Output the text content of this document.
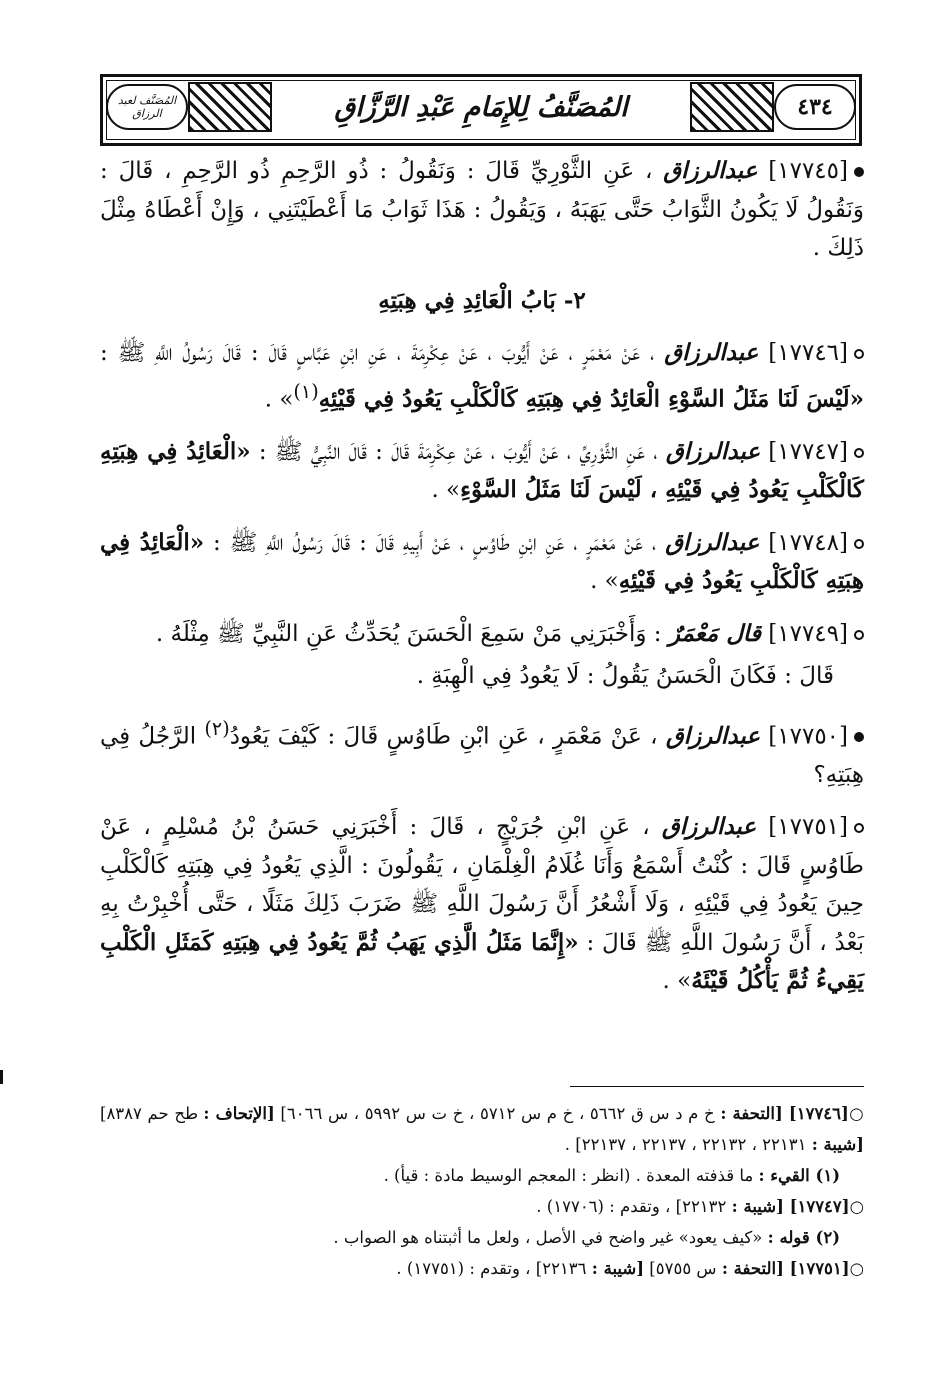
المُصَنَّف لعبد الرزاق	٤٣٤
المُصَنَّفُ لِلإِمَامِ عَبْدِ الرَّزَّاقِ

[١٧٧٤٥] عبدالرزاق ، عَنِ الثَّوْرِيِّ قَالَ : وَنَقُولُ : ذُو الرَّحِمِ ذُو الرَّحِمِ ، قَالَ : وَنَقُولُ لَا يَكُونُ الثَّوَابُ حَتَّى يَهَبَهُ ، وَيَقُولُ : هَذَا ثَوَابُ مَا أَعْطَيْتَنِي ، وَإِنْ أَعْطَاهُ مِثْلَ ذَلِكَ .

٢- بَابُ الْعَائِدِ فِي هِبَتِهِ

[١٧٧٤٦] عبدالرزاق ، عَنْ مَعْمَرٍ ، عَنْ أَيُّوبَ ، عَنْ عِكْرِمَةَ ، عَنِ ابْنِ عَبَّاسٍ قَالَ : قَالَ رَسُولُ اللَّهِ ﷺ : «لَيْسَ لَنَا مَثَلُ السَّوْءِ الْعَائِدُ فِي هِبَتِهِ كَالْكَلْبِ يَعُودُ فِي قَيْئِهِ$^{(١)}$» .

[١٧٧٤٧] عبدالرزاق ، عَنِ الثَّوْرِيِّ ، عَنْ أَيُّوبَ ، عَنْ عِكْرِمَةَ قَالَ : قَالَ النَّبِيُّ ﷺ : «الْعَائِدُ فِي هِبَتِهِ كَالْكَلْبِ يَعُودُ فِي قَيْئِهِ ، لَيْسَ لَنَا مَثَلُ السَّوْءِ» .

[١٧٧٤٨] عبدالرزاق ، عَنْ مَعْمَرٍ ، عَنِ ابْنِ طَاوُسٍ ، عَنْ أَبِيهِ قَالَ : قَالَ رَسُولُ اللَّهِ ﷺ : «الْعَائِدُ فِي هِبَتِهِ كَالْكَلْبِ يَعُودُ فِي قَيْئِهِ» .

[١٧٧٤٩] قال مَعْمَرٌ : وَأَخْبَرَنِي مَنْ سَمِعَ الْحَسَنَ يُحَدِّثُ عَنِ النَّبِيِّ ﷺ مِثْلَهُ .

قَالَ : فَكَانَ الْحَسَنُ يَقُولُ : لَا يَعُودُ فِي الْهِبَةِ .

[١٧٧٥٠] عبدالرزاق ، عَنْ مَعْمَرٍ ، عَنِ ابْنِ طَاوُسٍ قَالَ : كَيْفَ يَعُودُ$^{(٢)}$ الرَّجُلُ فِي هِبَتِهِ؟

[١٧٧٥١] عبدالرزاق ، عَنِ ابْنِ جُرَيْجٍ ، قَالَ : أَخْبَرَنِي حَسَنُ بْنُ مُسْلِمٍ ، عَنْ طَاوُسٍ قَالَ : كُنْتُ أَسْمَعُ وَأَنَا غُلَامُ الْغِلْمَانِ ، يَقُولُونَ : الَّذِي يَعُودُ فِي هِبَتِهِ كَالْكَلْبِ حِينَ يَعُودُ فِي قَيْئِهِ ، وَلَا أَشْعُرُ أَنَّ رَسُولَ اللَّهِ ﷺ ضَرَبَ ذَلِكَ مَثَلًا ، حَتَّى أُخْبِرْتُ بِهِ بَعْدُ ، أَنَّ رَسُولَ اللَّهِ ﷺ قَالَ : «إِنَّمَا مَثَلُ الَّذِي يَهَبُ ثُمَّ يَعُودُ فِي هِبَتِهِ كَمَثَلِ الْكَلْبِ يَقِيءُ ثُمَّ يَأْكُلُ قَيْئَهُ» .

○[١٧٧٤٦] [التحفة : خ م د س ق ٥٦٦٢ ، خ م س ٥٧١٢ ، خ ت س ٥٩٩٢ ، س ٦٠٦٦] [الإتحاف : طح حم ٨٣٨٧] [شيبة : ٢٢١٣١ ، ٢٢١٣٢ ، ٢٢١٣٧ ، ٢٢١٣٧] .

(١) القيء : ما قذفته المعدة . (انظر : المعجم الوسيط مادة : قيأ) .

○[١٧٧٤٧] [شيبة : ٢٢١٣٢] ، وتقدم : (١٧٧٠٦) .

(٢) قوله : «كيف يعود» غير واضح في الأصل ، ولعل ما أثبتناه هو الصواب .

○[١٧٧٥١] [التحفة : س ٥٧٥٥] [شيبة : ٢٢١٣٦] ، وتقدم : (١٧٧٥١) .
